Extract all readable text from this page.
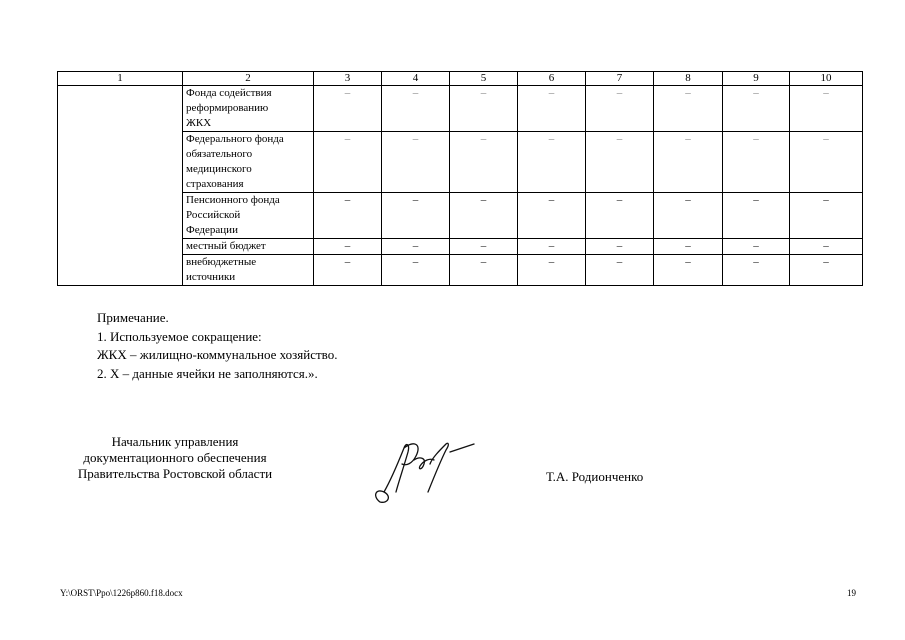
1	2	3	4	5	6	7	8	9	10

	Фонда содействия
реформированию
ЖКХ	–	–	–	–	–	–	–	–

	Федерального фонда
обязательного
медицинского
страхования	–	–	–	–	–	–	–	–

	Пенсионного фонда
Российской
Федерации	–	–	–	–	–	–	–	–

	местный бюджет	–	–	–	–	–	–	–	–

	внебюджетные
источники	–	–	–	–	–	–	–	–
Примечание.
1. Используемое сокращение:
ЖКХ – жилищно-коммунальное хозяйство.
2. Х – данные ячейки не заполняются.».
Начальник управления
документационного обеспечения
Правительства Ростовской области	Т.А. Родионченко
Y:\ORST\Ppo\1226p860.f18.docx	19
